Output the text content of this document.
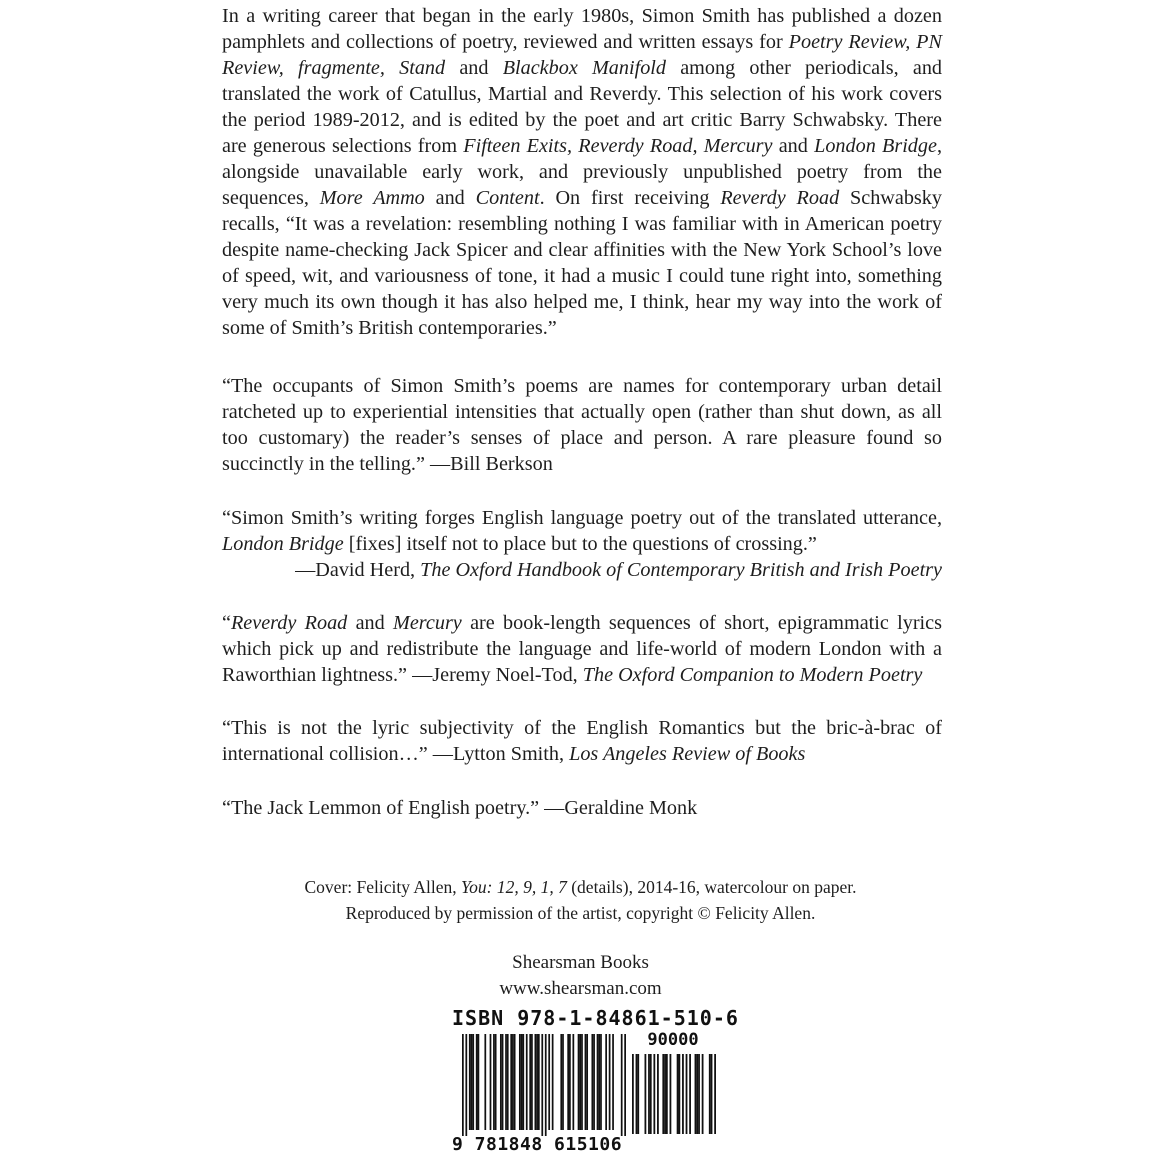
In a writing career that began in the early 1980s, Simon Smith has published a dozen pamphlets and collections of poetry, reviewed and written essays for Poetry Review, PN Review, fragmente, Stand and Blackbox Manifold among other periodicals, and translated the work of Catullus, Martial and Reverdy. This selection of his work covers the period 1989-2012, and is edited by the poet and art critic Barry Schwabsky. There are generous selections from Fifteen Exits, Reverdy Road, Mercury and London Bridge, alongside unavailable early work, and previously unpublished poetry from the sequences, More Ammo and Content. On first receiving Reverdy Road Schwabsky recalls, “It was a revelation: resembling nothing I was familiar with in American poetry despite name-checking Jack Spicer and clear affinities with the New York School’s love of speed, wit, and variousness of tone, it had a music I could tune right into, something very much its own though it has also helped me, I think, hear my way into the work of some of Smith’s British contemporaries.”

“The occupants of Simon Smith’s poems are names for contemporary urban detail ratcheted up to experiential intensities that actually open (rather than shut down, as all too customary) the reader’s senses of place and person. A rare pleasure found so succinctly in the telling.” —Bill Berkson

“Simon Smith’s writing forges English language poetry out of the translated utterance, London Bridge [fixes] itself not to place but to the questions of crossing.”
—David Herd, The Oxford Handbook of Contemporary British and Irish Poetry

“Reverdy Road and Mercury are book-length sequences of short, epigrammatic lyrics which pick up and redistribute the language and life-world of modern London with a Raworthian lightness.” —Jeremy Noel-Tod, The Oxford Companion to Modern Poetry

“This is not the lyric subjectivity of the English Romantics but the bric-à-brac of international collision…” —Lytton Smith, Los Angeles Review of Books

“The Jack Lemmon of English poetry.” —Geraldine Monk

Cover: Felicity Allen, You: 12, 9, 1, 7 (details), 2014-16, watercolour on paper.
Reproduced by permission of the artist, copyright © Felicity Allen.
Shearsman Books
www.shearsman.com
ISBN 978-1-84861-510-6
90000
9 781848 615106
